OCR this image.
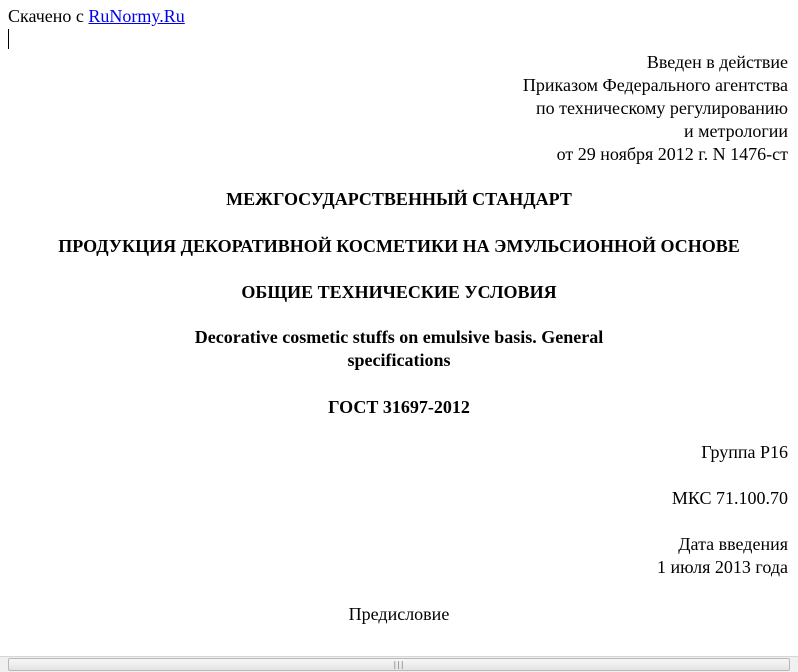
Скачено с RuNormy.Ru
Введен в действие
Приказом Федерального агентства
по техническому регулированию
и метрологии
от 29 ноября 2012 г. N 1476-ст
МЕЖГОСУДАРСТВЕННЫЙ СТАНДАРТ
ПРОДУКЦИЯ ДЕКОРАТИВНОЙ КОСМЕТИКИ НА ЭМУЛЬСИОННОЙ ОСНОВЕ
ОБЩИЕ ТЕХНИЧЕСКИЕ УСЛОВИЯ
Decorative cosmetic stuffs on emulsive basis. General
specifications
ГОСТ 31697-2012
Группа Р16
МКС 71.100.70
Дата введения
1 июля 2013 года
Предисловие
|||
